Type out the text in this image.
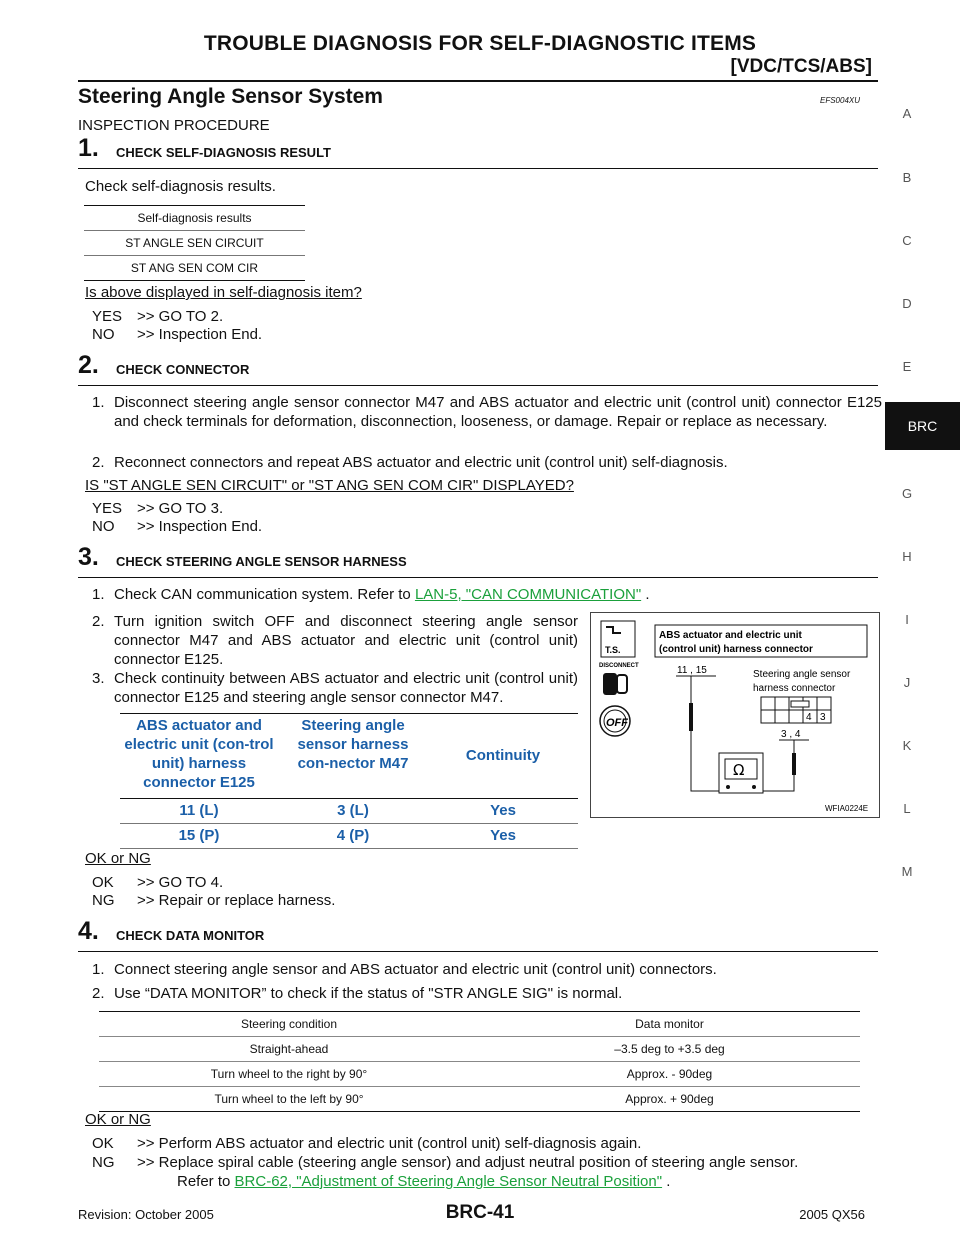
TROUBLE DIAGNOSIS FOR SELF-DIAGNOSTIC ITEMS
[VDC/TCS/ABS]
Steering Angle Sensor System	EFS004XU
INSPECTION PROCEDURE
1. CHECK SELF-DIAGNOSIS RESULT
Check self-diagnosis results.
Self-diagnosis results
ST ANGLE SEN CIRCUIT
ST ANG SEN COM CIR
Is above displayed in self-diagnosis item?
YES >> GO TO 2.
NO >> Inspection End.
2. CHECK CONNECTOR
1. Disconnect steering angle sensor connector M47 and ABS actuator and electric unit (control unit) connector E125 and check terminals for deformation, disconnection, looseness, or damage. Repair or replace as necessary.
2. Reconnect connectors and repeat ABS actuator and electric unit (control unit) self-diagnosis.
IS "ST ANGLE SEN CIRCUIT" or "ST ANG SEN COM CIR" DISPLAYED?
YES >> GO TO 3.
NO >> Inspection End.
3. CHECK STEERING ANGLE SENSOR HARNESS
1. Check CAN communication system. Refer to LAN-5, "CAN COMMUNICATION" .
2. Turn ignition switch OFF and disconnect steering angle sensor connector M47 and ABS actuator and electric unit (control unit) connector E125.
3. Check continuity between ABS actuator and electric unit (control unit) connector E125 and steering angle sensor connector M47.
ABS actuator and electric unit (con-trol unit) harness connector E125
Steering angle sensor harness con-nector M47	Continuity
11 (L)	3 (L)	Yes
15 (P)	4 (P)	Yes
T.S.
DISCONNECT
OFF
ABS actuator and electric unit
(control unit) harness connector
11 , 15	Steering angle sensor
harness connector
4 3
3 , 4
Ω
WFIA0224E
OK or NG
OK >> GO TO 4.
NG >> Repair or replace harness.
4. CHECK DATA MONITOR
1. Connect steering angle sensor and ABS actuator and electric unit (control unit) connectors.
2. Use “DATA MONITOR” to check if the status of "STR ANGLE SIG" is normal.
Steering condition	Data monitor
Straight-ahead	–3.5 deg to +3.5 deg
Turn wheel to the right by 90°	Approx. - 90deg
Turn wheel to the left by 90°	Approx. + 90deg
OK or NG
OK >> Perform ABS actuator and electric unit (control unit) self-diagnosis again.
NG >> Replace spiral cable (steering angle sensor) and adjust neutral position of steering angle sensor.
Refer to BRC-62, "Adjustment of Steering Angle Sensor Neutral Position" .
A
B
C
D
E
BRC
G
H
I
J
K
L
M
Revision: October 2005	BRC-41	2005 QX56
